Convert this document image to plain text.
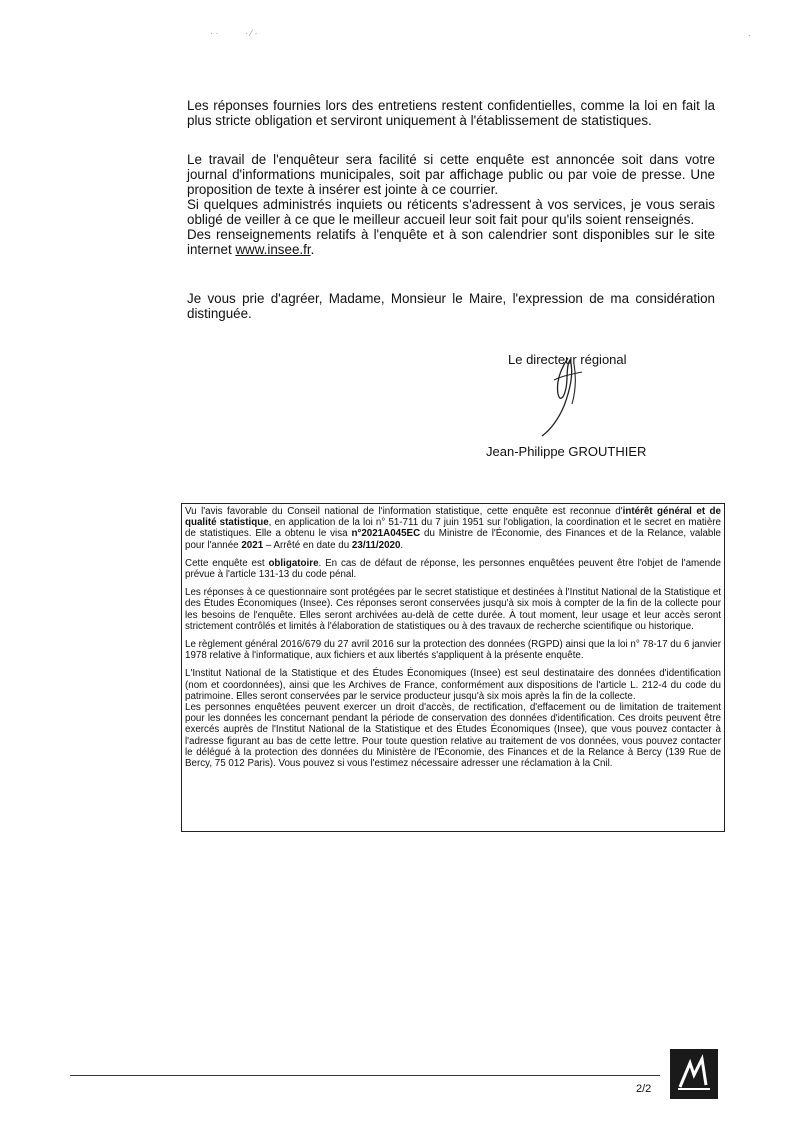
· ·	· ⁄ ·	·

Les réponses fournies lors des entretiens restent confidentielles, comme la loi en fait la plus stricte obligation et serviront uniquement à l'établissement de statistiques.

Le travail de l'enquêteur sera facilité si cette enquête est annoncée soit dans votre journal d'informations municipales, soit par affichage public ou par voie de presse. Une proposition de texte à insérer est jointe à ce courrier.

Si quelques administrés inquiets ou réticents s'adressent à vos services, je vous serais obligé de veiller à ce que le meilleur accueil leur soit fait pour qu'ils soient renseignés.

Des renseignements relatifs à l'enquête et à son calendrier sont disponibles sur le site internet www.insee.fr.

Je vous prie d'agréer, Madame, Monsieur le Maire, l'expression de ma considération distinguée.

Le directeur régional
Jean-Philippe GROUTHIER

Vu l'avis favorable du Conseil national de l'information statistique, cette enquête est reconnue d'intérêt général et de qualité statistique, en application de la loi n° 51-711 du 7 juin 1951 sur l'obligation, la coordination et le secret en matière de statistiques. Elle a obtenu le visa n°2021A045EC du Ministre de l'Économie, des Finances et de la Relance, valable pour l'année 2021 – Arrêté en date du 23/11/2020.

Cette enquête est obligatoire. En cas de défaut de réponse, les personnes enquêtées peuvent être l'objet de l'amende prévue à l'article 131-13 du code pénal.

Les réponses à ce questionnaire sont protégées par le secret statistique et destinées à l'Institut National de la Statistique et des Études Économiques (Insee). Ces réponses seront conservées jusqu'à six mois à compter de la fin de la collecte pour les besoins de l'enquête. Elles seront archivées au-delà de cette durée. À tout moment, leur usage et leur accès seront strictement contrôlés et limités à l'élaboration de statistiques ou à des travaux de recherche scientifique ou historique.

Le règlement général 2016/679 du 27 avril 2016 sur la protection des données (RGPD) ainsi que la loi n° 78-17 du 6 janvier 1978 relative à l'informatique, aux fichiers et aux libertés s'appliquent à la présente enquête.

L'Institut National de la Statistique et des Études Économiques (Insee) est seul destinataire des données d'identification (nom et coordonnées), ainsi que les Archives de France, conformément aux dispositions de l'article L. 212-4 du code du patrimoine. Elles seront conservées par le service producteur jusqu'à six mois après la fin de la collecte.

Les personnes enquêtées peuvent exercer un droit d'accès, de rectification, d'effacement ou de limitation de traitement pour les données les concernant pendant la période de conservation des données d'identification. Ces droits peuvent être exercés auprès de l'Institut National de la Statistique et des Études Économiques (Insee), que vous pouvez contacter à l'adresse figurant au bas de cette lettre. Pour toute question relative au traitement de vos données, vous pouvez contacter le délégué à la protection des données du Ministère de l'Économie, des Finances et de la Relance à Bercy (139 Rue de Bercy, 75 012 Paris). Vous pouvez si vous l'estimez nécessaire adresser une réclamation à la Cnil.

2/2
